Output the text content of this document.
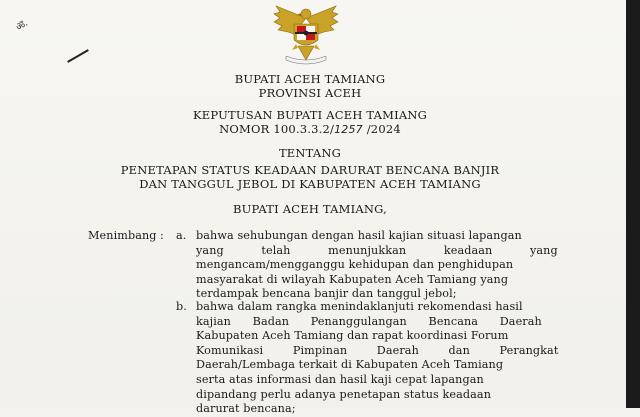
ॐ·
BUPATI ACEH TAMIANG
PROVINSI ACEH
KEPUTUSAN BUPATI ACEH TAMIANG
NOMOR 100.3.3.2/1257 /2024
TENTANG
PENETAPAN STATUS KEADAAN DARURAT BENCANA BANJIR
DAN TANGGUL JEBOL DI KABUPATEN ACEH TAMIANG
BUPATI ACEH TAMIANG,
Menimbang : a. bahwa sehubungan dengan hasil kajian situasi lapangan
yang telah menunjukkan keadaan yang
mengancam/mengganggu kehidupan dan penghidupan
masyarakat di wilayah Kabupaten Aceh Tamiang yang
terdampak bencana banjir dan tanggul jebol;
b. bahwa dalam rangka menindaklanjuti rekomendasi hasil
kajian Badan Penanggulangan Bencana Daerah
Kabupaten Aceh Tamiang dan rapat koordinasi Forum
Komunikasi Pimpinan Daerah dan Perangkat
Daerah/Lembaga terkait di Kabupaten Aceh Tamiang
serta atas informasi dan hasil kaji cepat lapangan
dipandang perlu adanya penetapan status keadaan
darurat bencana;
